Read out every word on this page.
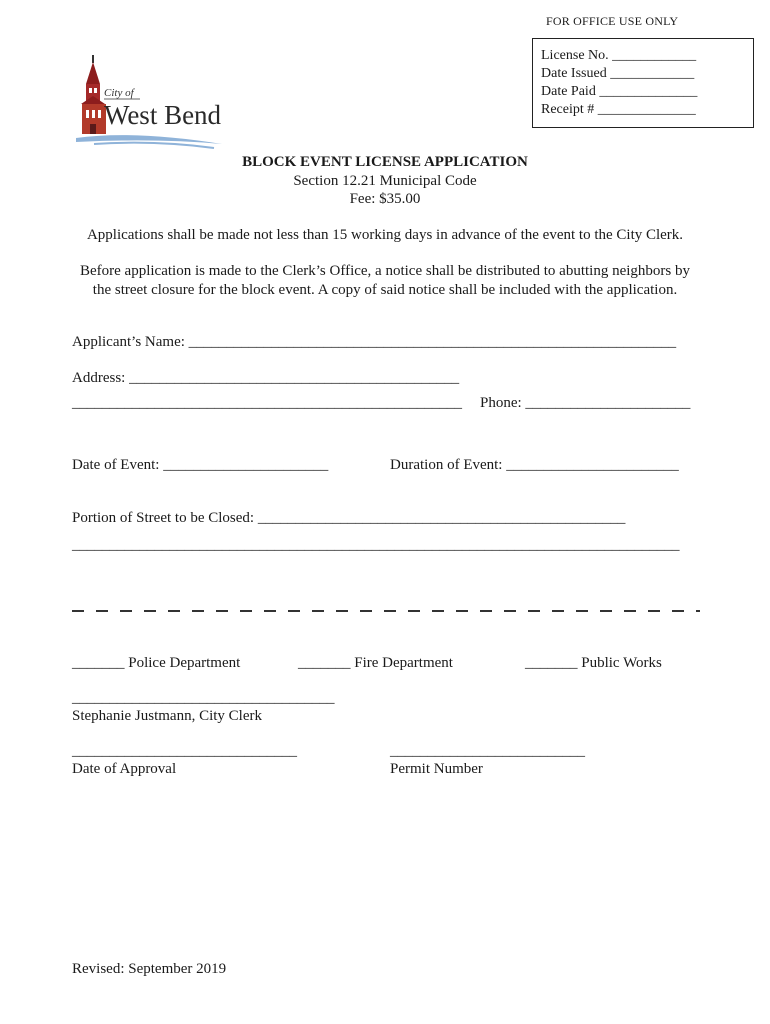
FOR OFFICE USE ONLY
License No. ____________
Date Issued ____________
Date Paid ______________
Receipt # ______________
City of
West Bend
BLOCK EVENT LICENSE APPLICATION
Section 12.21 Municipal Code
Fee: $35.00
Applications shall be made not less than 15 working days in advance of the event to the City Clerk.
Before application is made to the Clerk’s Office, a notice shall be distributed to abutting neighbors by the street closure for the block event. A copy of said notice shall be included with the application.
Applicant’s Name: _________________________________________________________________
Address: ____________________________________________
____________________________________________________ Phone: ______________________
Date of Event: ______________________	Duration of Event: _______________________
Portion of Street to be Closed: _________________________________________________
_________________________________________________________________________________
_______ Police Department	_______ Fire Department	_______ Public Works
___________________________________
Stephanie Justmann, City Clerk
______________________________
Date of Approval
__________________________
Permit Number
Revised: September 2019
